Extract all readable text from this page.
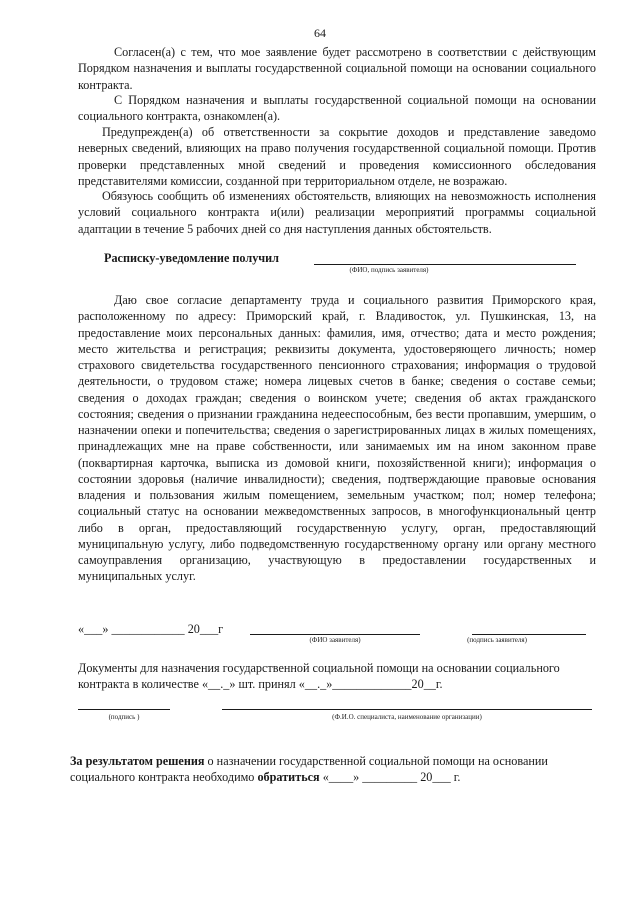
64

Согласен(а) с тем, что мое заявление будет рассмотрено в соответствии с действующим Порядком назначения и выплаты государственной социальной помощи на основании социального контракта.

С Порядком назначения и выплаты государственной социальной помощи на основании социального контракта, ознакомлен(а).

Предупрежден(а) об ответственности за сокрытие доходов и представление заведомо неверных сведений, влияющих на право получения государственной социальной помощи. Против проверки представленных мной сведений и проведения комиссионного обследования представителями комиссии, созданной при территориальном отделе, не возражаю.

Обязуюсь сообщить об изменениях обстоятельств, влияющих на невозможность исполнения условий социального контракта и(или) реализации мероприятий программы социальной адаптации в течение 5 рабочих дней со дня наступления данных обстоятельств.

Расписку-уведомление получил
(ФИО, подпись заявителя)

Даю свое согласие департаменту труда и социального развития Приморского края, расположенному по адресу: Приморский край, г. Владивосток, ул. Пушкинская, 13, на предоставление моих персональных данных: фамилия, имя, отчество; дата и место рождения; место жительства и регистрация; реквизиты документа, удостоверяющего личность; номер страхового свидетельства государственного пенсионного страхования; информация о трудовой деятельности, о трудовом стаже; номера лицевых счетов в банке; сведения о составе семьи; сведения о доходах граждан; сведения о воинском учете; сведения об актах гражданского состояния; сведения о признании гражданина недееспособным, без вести пропавшим, умершим, о назначении опеки и попечительства; сведения о зарегистрированных лицах в жилых помещениях, принадлежащих мне на праве собственности, или занимаемых им на ином законном праве (поквартирная карточка, выписка из домовой книги, похозяйственной книги); информация о состоянии здоровья (наличие инвалидности); сведения, подтверждающие правовые основания владения и пользования жилым помещением, земельным участком; пол; номер телефона; социальный статус на основании межведомственных запросов, в многофункциональный центр либо в орган, предоставляющий государственную услугу, орган, предоставляющий муниципальную услугу, либо подведомственную государственному органу или органу местного самоуправления организацию, участвующую в предоставлении государственных и муниципальных услуг.

«___» ____________ 20___г
(ФИО заявителя)	(подпись заявителя)
Документы для назначения государственной социальной помощи на основании социального
контракта в количестве «__._» шт. принял «__._»_____________20__г.
(подпись )	(Ф.И.О. специалиста, наименование организации)
За результатом решения о назначении государственной социальной помощи на основании
социального контракта необходимо обратиться «____» _________ 20___ г.
